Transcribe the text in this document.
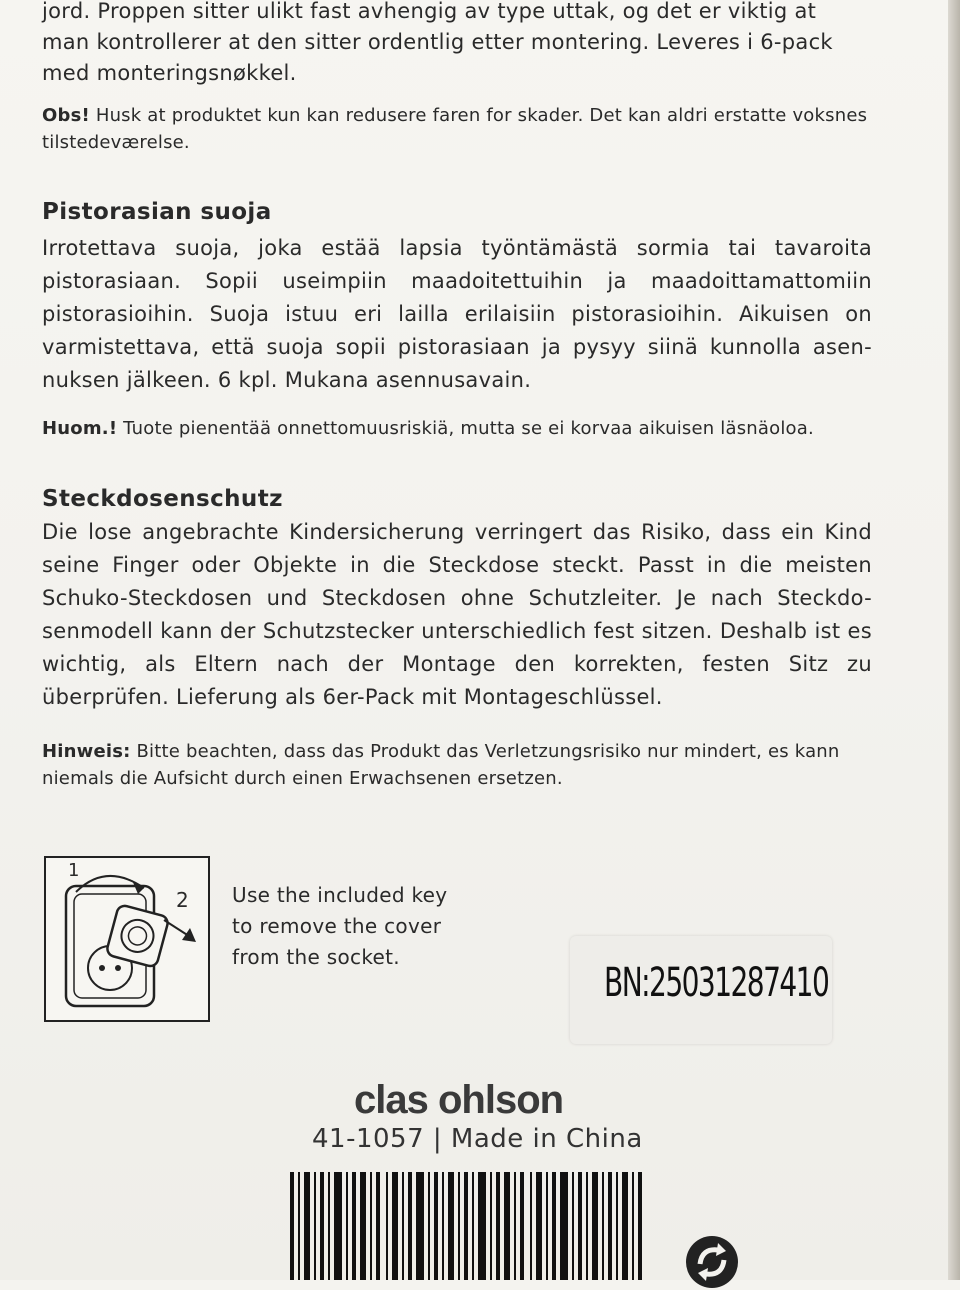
jord. Proppen sitter ulikt fast avhengig av type uttak, og det er viktig at
man kontrollerer at den sitter ordentlig etter montering. Leveres i 6-pack
med monteringsnøkkel.
Obs! Husk at produktet kun kan redusere faren for skader. Det kan aldri erstatte voksnes tilstedeværelse.
Pistorasian suoja
Irrotettava suoja, joka estää lapsia työntämästä sormia tai tavaroita pistorasiaan. Sopii useimpiin maadoitettuihin ja maadoittamattomiin pistorasioihin. Suoja istuu eri lailla erilaisiin pistorasioihin. Aikuisen on varmistettava, että suoja sopii pistorasiaan ja pysyy siinä kunnolla asen-nuksen jälkeen. 6 kpl. Mukana asennusavain.
Huom.! Tuote pienentää onnettomuusriskiä, mutta se ei korvaa aikuisen läsnäoloa.
Steckdosenschutz
Die lose angebrachte Kindersicherung verringert das Risiko, dass ein Kind seine Finger oder Objekte in die Steckdose steckt. Passt in die meisten Schuko-Steckdosen und Steckdosen ohne Schutzleiter. Je nach Steckdo-senmodell kann der Schutzstecker unterschiedlich fest sitzen. Deshalb ist es wichtig, als Eltern nach der Montage den korrekten, festen Sitz zu überprüfen. Lieferung als 6er-Pack mit Montageschlüssel.
Hinweis: Bitte beachten, dass das Produkt das Verletzungsrisiko nur mindert, es kann niemals die Aufsicht durch einen Erwachsenen ersetzen.
1
2 Use the included key
to remove the cover
from the socket.
BN:25031287410
clas ohlson
41-1057 | Made in China
